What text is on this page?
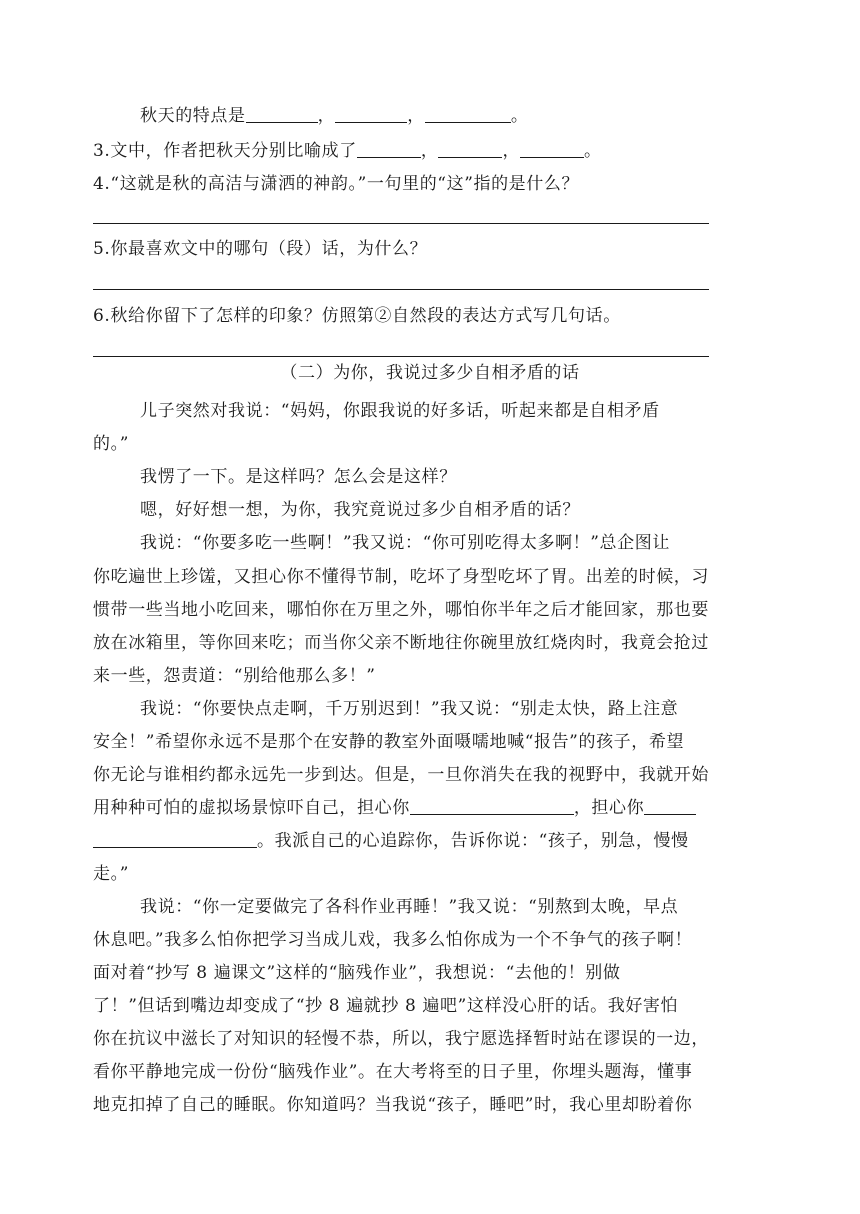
秋天的特点是	，	，	。
3.文中，作者把秋天分别比喻成了	，	，	。
4.“这就是秋的高洁与潇洒的神韵。”一句里的“这”指的是什么？
5.你最喜欢文中的哪句（段）话，为什么？
6.秋给你留下了怎样的印象？仿照第②自然段的表达方式写几句话。
（二）为你，我说过多少自相矛盾的话
儿子突然对我说：“妈妈，你跟我说的好多话，听起来都是自相矛盾
的。”
我愣了一下。是这样吗？怎么会是这样？
嗯，好好想一想，为你，我究竟说过多少自相矛盾的话？
我说：“你要多吃一些啊！”我又说：“你可别吃得太多啊！”总企图让
你吃遍世上珍馐，又担心你不懂得节制，吃坏了身型吃坏了胃。出差的时候，习
惯带一些当地小吃回来，哪怕你在万里之外，哪怕你半年之后才能回家，那也要
放在冰箱里，等你回来吃；而当你父亲不断地往你碗里放红烧肉时，我竟会抢过
来一些，怨责道：“别给他那么多！”
我说：“你要快点走啊，千万别迟到！”我又说：“别走太快，路上注意
安全！”希望你永远不是那个在安静的教室外面嗫嚅地喊“报告”的孩子，希望
你无论与谁相约都永远先一步到达。但是，一旦你消失在我的视野中，我就开始
用种种可怕的虚拟场景惊吓自己，担心你	，担心你
。我派自己的心追踪你，告诉你说：“孩子，别急，慢慢
走。”
我说：“你一定要做完了各科作业再睡！”我又说：“别熬到太晚，早点
休息吧。”我多么怕你把学习当成儿戏，我多么怕你成为一个不争气的孩子啊！
面对着“抄写 8 遍课文”这样的“脑残作业”，我想说：“去他的！别做
了！”但话到嘴边却变成了“抄 8 遍就抄 8 遍吧”这样没心肝的话。我好害怕
你在抗议中滋长了对知识的轻慢不恭，所以，我宁愿选择暂时站在谬误的一边，
看你平静地完成一份份“脑残作业”。在大考将至的日子里，你埋头题海，懂事
地克扣掉了自己的睡眠。你知道吗？当我说“孩子，睡吧”时，我心里却盼着你
